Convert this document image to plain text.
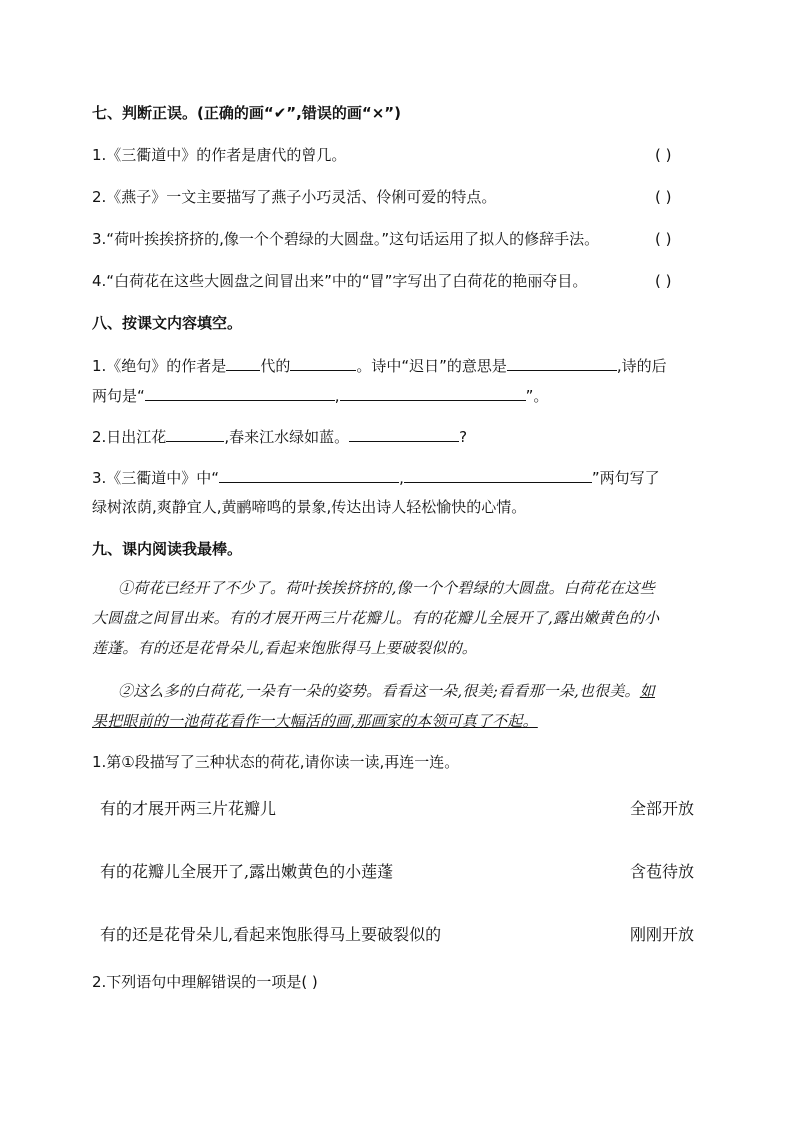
七、判断正误。(正确的画“✔”,错误的画“×”)
1.《三衢道中》的作者是唐代的曾几。	( )
2.《燕子》一文主要描写了燕子小巧灵活、伶俐可爱的特点。	( )
3.“荷叶挨挨挤挤的,像一个个碧绿的大圆盘。”这句话运用了拟人的修辞手法。	( )
4.“白荷花在这些大圆盘之间冒出来”中的“冒”字写出了白荷花的艳丽夺目。	( )
八、按课文内容填空。
1.《绝句》的作者是 代的	。诗中“迟日”的意思是	,诗的后
两句是“	,	”。
2.日出江花	,春来江水绿如蓝。	?
3.《三衢道中》中“	,	”两句写了
绿树浓荫,爽静宜人,黄鹂啼鸣的景象,传达出诗人轻松愉快的心情。
九、课内阅读我最棒。
①荷花已经开了不少了。荷叶挨挨挤挤的,像一个个碧绿的大圆盘。白荷花在这些
大圆盘之间冒出来。有的才展开两三片花瓣儿。有的花瓣儿全展开了,露出嫩黄色的小
莲蓬。有的还是花骨朵儿,看起来饱胀得马上要破裂似的。
②这么多的白荷花,一朵有一朵的姿势。看看这一朵,很美;看看那一朵,也很美。如
果把眼前的一池荷花看作一大幅活的画,那画家的本领可真了不起。
1.第①段描写了三种状态的荷花,请你读一读,再连一连。
有的才展开两三片花瓣儿	全部开放
有的花瓣儿全展开了,露出嫩黄色的小莲蓬	含苞待放
有的还是花骨朵儿,看起来饱胀得马上要破裂似的	刚刚开放
2.下列语句中理解错误的一项是( )
